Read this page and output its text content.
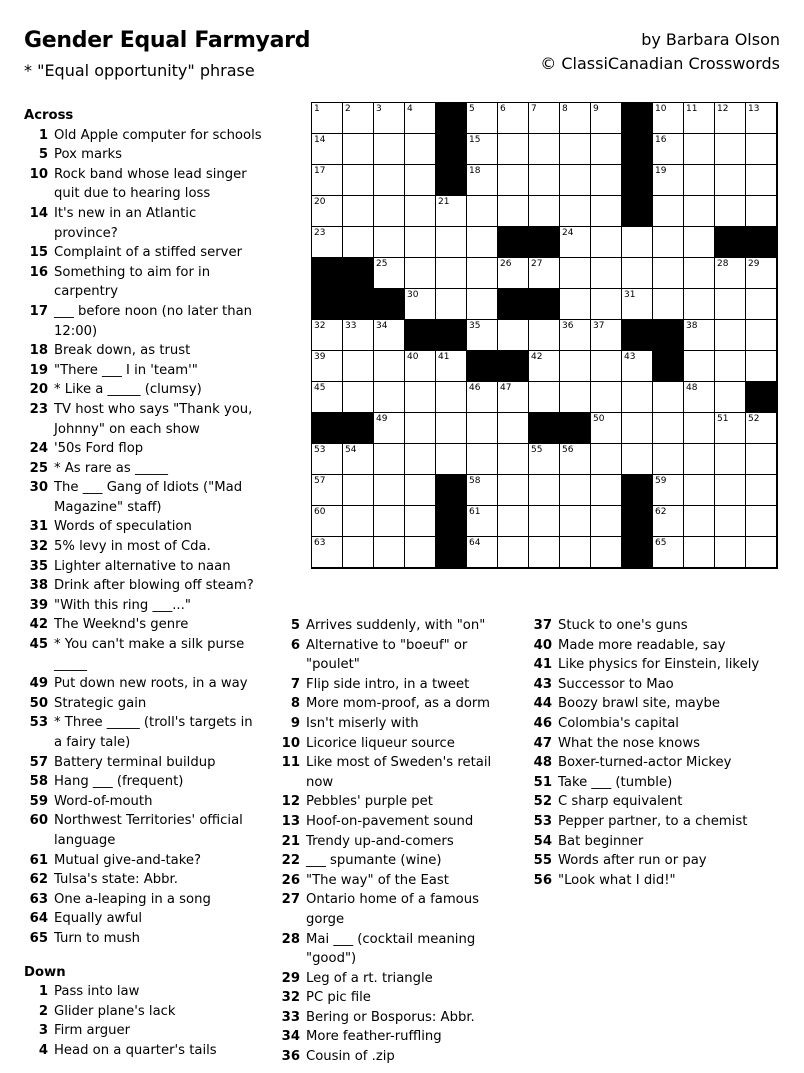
Gender Equal Farmyard
* "Equal opportunity" phrase
by Barbara Olson
© ClassiCanadian Crosswords
1	2	3	4	5	6	7	8	9	10 11 12 13
14	15	16
17	18	19
20	21	22
23	24
25	26 27	28 29
30	31
32 33 34	35	36 37	38
39	40 41	42	43 44
45	46 47	48
49	50	51 52
53 54	55 56
57	58	59
60	61	62
63	64	65
Across
1 Old Apple computer for schools
5 Pox marks
10 Rock band whose lead singer quit due to hearing loss
14 It's new in an Atlantic province?
15 Complaint of a stiffed server
16 Something to aim for in carpentry
17 ___ before noon (no later than 12:00)
18 Break down, as trust
19 "There ___ I in 'team'"
20 * Like a _____ (clumsy)
23 TV host who says "Thank you, Johnny" on each show
24 '50s Ford flop
25 * As rare as _____
30 The ___ Gang of Idiots ("Mad Magazine" staff)
31 Words of speculation
32 5% levy in most of Cda.
35 Lighter alternative to naan
38 Drink after blowing off steam?
39 "With this ring ___..."
42 The Weeknd's genre
45 * You can't make a silk purse _____
49 Put down new roots, in a way
50 Strategic gain
53 * Three _____ (troll's targets in a fairy tale)
57 Battery terminal buildup
58 Hang ___ (frequent)
59 Word-of-mouth
60 Northwest Territories' official language
61 Mutual give-and-take?
62 Tulsa's state: Abbr.
63 One a-leaping in a song
64 Equally awful
65 Turn to mush
Down
1 Pass into law
2 Glider plane's lack
3 Firm arguer
4 Head on a quarter's tails
5 Arrives suddenly, with "on"
6 Alternative to "boeuf" or "poulet"
7 Flip side intro, in a tweet
8 More mom-proof, as a dorm
9 Isn't miserly with
10 Licorice liqueur source
11 Like most of Sweden's retail now
12 Pebbles' purple pet
13 Hoof-on-pavement sound
21 Trendy up-and-comers
22 ___ spumante (wine)
26 "The way" of the East
27 Ontario home of a famous gorge
28 Mai ___ (cocktail meaning "good")
29 Leg of a rt. triangle
32 PC pic file
33 Bering or Bosporus: Abbr.
34 More feather-ruffling
36 Cousin of .zip
37 Stuck to one's guns
40 Made more readable, say
41 Like physics for Einstein, likely
43 Successor to Mao
44 Boozy brawl site, maybe
46 Colombia's capital
47 What the nose knows
48 Boxer-turned-actor Mickey
51 Take ___ (tumble)
52 C sharp equivalent
53 Pepper partner, to a chemist
54 Bat beginner
55 Words after run or pay
56 "Look what I did!"
